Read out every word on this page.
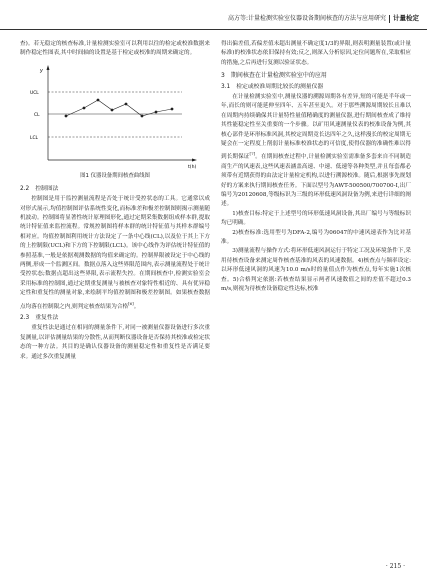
高方等:计量检测实验室仪器设备期间核查的方法与应用研究 计量检定

查)。若无稳定的核查标准,计量检测实验室可以利用以往的检定或校准数据来制作稳定性图表,其中时间轴的设置是基于检定或校准的周期来确定的。

y
t(h)
UCL
CL
LCL
图1 仪器设备期间核查曲线图
2.2 控制图法

控制图是用于监控测量流程是否处于统计受控状态的工具。它通常以成对形式展示,均值控制图评估系统性变化,而标准差和极差控制图则揭示测量随机波动。控制图将显著性统计原理图形化,通过定期采集数据组成样本群,提取统计特征值来监控流程。常规控制图将样本群的统计特征值与其样本群编号相对应。均值控制图利用统计方法设定了一条中心线(CL),以及位于其上下方的上控制限(UCL)和下方的下控制限(LCL)。该中心线作为评估统计特征值的参照基准,一般是依据观测数据的均值来确定的。控制界限被设定于中心线的两侧,形成一个监测区间。数据点落入这些界限范围内,表示测量流程处于统计受控状态;数据点超出这些界限,表示流程失控。在期间核查中,检测实验室会采用标准的控制图,通过定期重复测量与被核查对象特性相近的、具有优异稳定性和重复性的测量对象,来绘制平均值控制图和极差控制图。如果核查数据点均落在控制限之内,则判定核查结果为合格[6]。

2.3 重复性法

重复性法是通过在相同的测量条件下,对同一被测量仪器设备进行多次重复测量,以评估测量结果的分散性,从而判断仪器设备是否保持其校准或检定状态的一种方法。其目的是确认仪器设备的测量稳定性和重复性是否满足要求。通过多次重复测量

得出偏差值,若偏差值未超出测量不确定度1/3的界限,则表明测量装置(或计量标准)的校准状态依旧保持有效;反之,则深入分析原因,定位问题所在,采取相应的措施,之后再进行复测以验证状态。

3 期间核查在计量检测实验室中的应用
3.1 检定或校准周期比较长的测量仪器

在计量检测实验室中,测量仪器的溯源周期各有差异,短的可能是半年或一年,而长的则可能延伸至四年、五年甚至更久。对于那些溯源周期较长且难以在周期内持续确保其计量特性量值精确度的测量仪器,进行期间核查成了维持其性能稳定性至关重要的一个步骤。以矿用风速测量仪表的校准设备为例,其核心部件是环形标准风洞,其校定周期竟长达四年之久,这样漫长的校定周期无疑会在一定程度上削弱计量标准校准状态的可信度,使得仪器的准确性难以得到长期保证[7]。在期间核查过程中,计量检测实验室需准备多套来自不同制造商生产的风速表,这些风速表涵盖高速、中速、低速等各种类型,并且每套都必须带有近期获得的由法定计量检定机构,以进行溯源校准。随后,根据事先规划好的方案来执行期间核查任务。下面以型号为AWT-500500/700700-Ⅰ,出厂编号为20120608,等级标识为三级的环形低速风洞设备为例,来进行详细的阐述。

1)核查目标:特定于上述型号的环形低速风洞设备,其出厂编号与等级标识均已明确。

2)核查标准:选用型号为DFA-2,编号为06047的中速风速表作为比对基准。

3)测量流程与操作方式:将环形低速风洞运行于特定工况及环境条件下,采用待核查设备来测定周作核查基准的风表的风速数据。4)核查点与频率设定:以环形低速风洞的风速为10.0 m/s时的量值点作为核查点,每年实施1次核查。5)合格判定依据:若核查结果显示两者风速数值之间的差值不超过0.3 m/s,则视为待核查设备稳定性达标,校准

· 215 ·
